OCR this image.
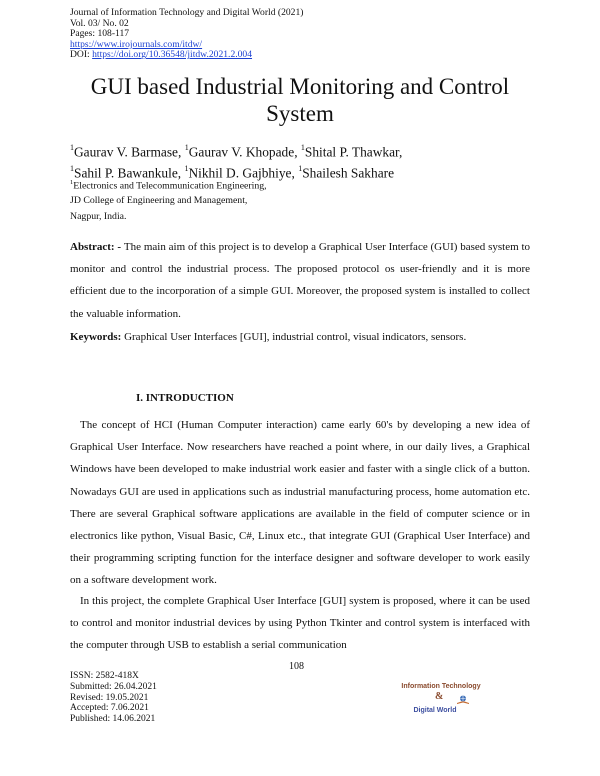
Journal of Information Technology and Digital World (2021)
Vol. 03/ No. 02
Pages: 108-117
https://www.irojournals.com/itdw/
DOI: https://doi.org/10.36548/jitdw.2021.2.004
GUI based Industrial Monitoring and Control
System
$^1$Gaurav V. Barmase, $^1$Gaurav V. Khopade, $^1$Shital P. Thawkar,
$^1$Sahil P. Bawankule, $^1$Nikhil D. Gajbhiye, $^1$Shailesh Sakhare
$^1$Electronics and Telecommunication Engineering,
JD College of Engineering and Management,
Nagpur, India.

Abstract: - The main aim of this project is to develop a Graphical User Interface (GUI) based system to monitor and control the industrial process. The proposed protocol os user-friendly and it is more efficient due to the incorporation of a simple GUI. Moreover, the proposed system is installed to collect the valuable information.

Keywords: Graphical User Interfaces [GUI], industrial control, visual indicators, sensors.

I. INTRODUCTION

The concept of HCI (Human Computer interaction) came early 60's by developing a new idea of Graphical User Interface. Now researchers have reached a point where, in our daily lives, a Graphical Windows have been developed to make industrial work easier and faster with a single click of a button. Nowadays GUI are used in applications such as industrial manufacturing process, home automation etc. There are several Graphical software applications are available in the field of computer science or in electronics like python, Visual Basic, C#, Linux etc., that integrate GUI (Graphical User Interface) and their programming scripting function for the interface designer and software developer to work easily on a software development work.

In this project, the complete Graphical User Interface [GUI] system is proposed, where it can be used to control and monitor industrial devices by using Python Tkinter and control system is interfaced with the computer through USB to establish a serial communication

108
ISSN: 2582-418X
Submitted: 26.04.2021
Revised: 19.05.2021
Accepted: 7.06.2021
Published: 14.06.2021
Information Technology
&
Digital World
